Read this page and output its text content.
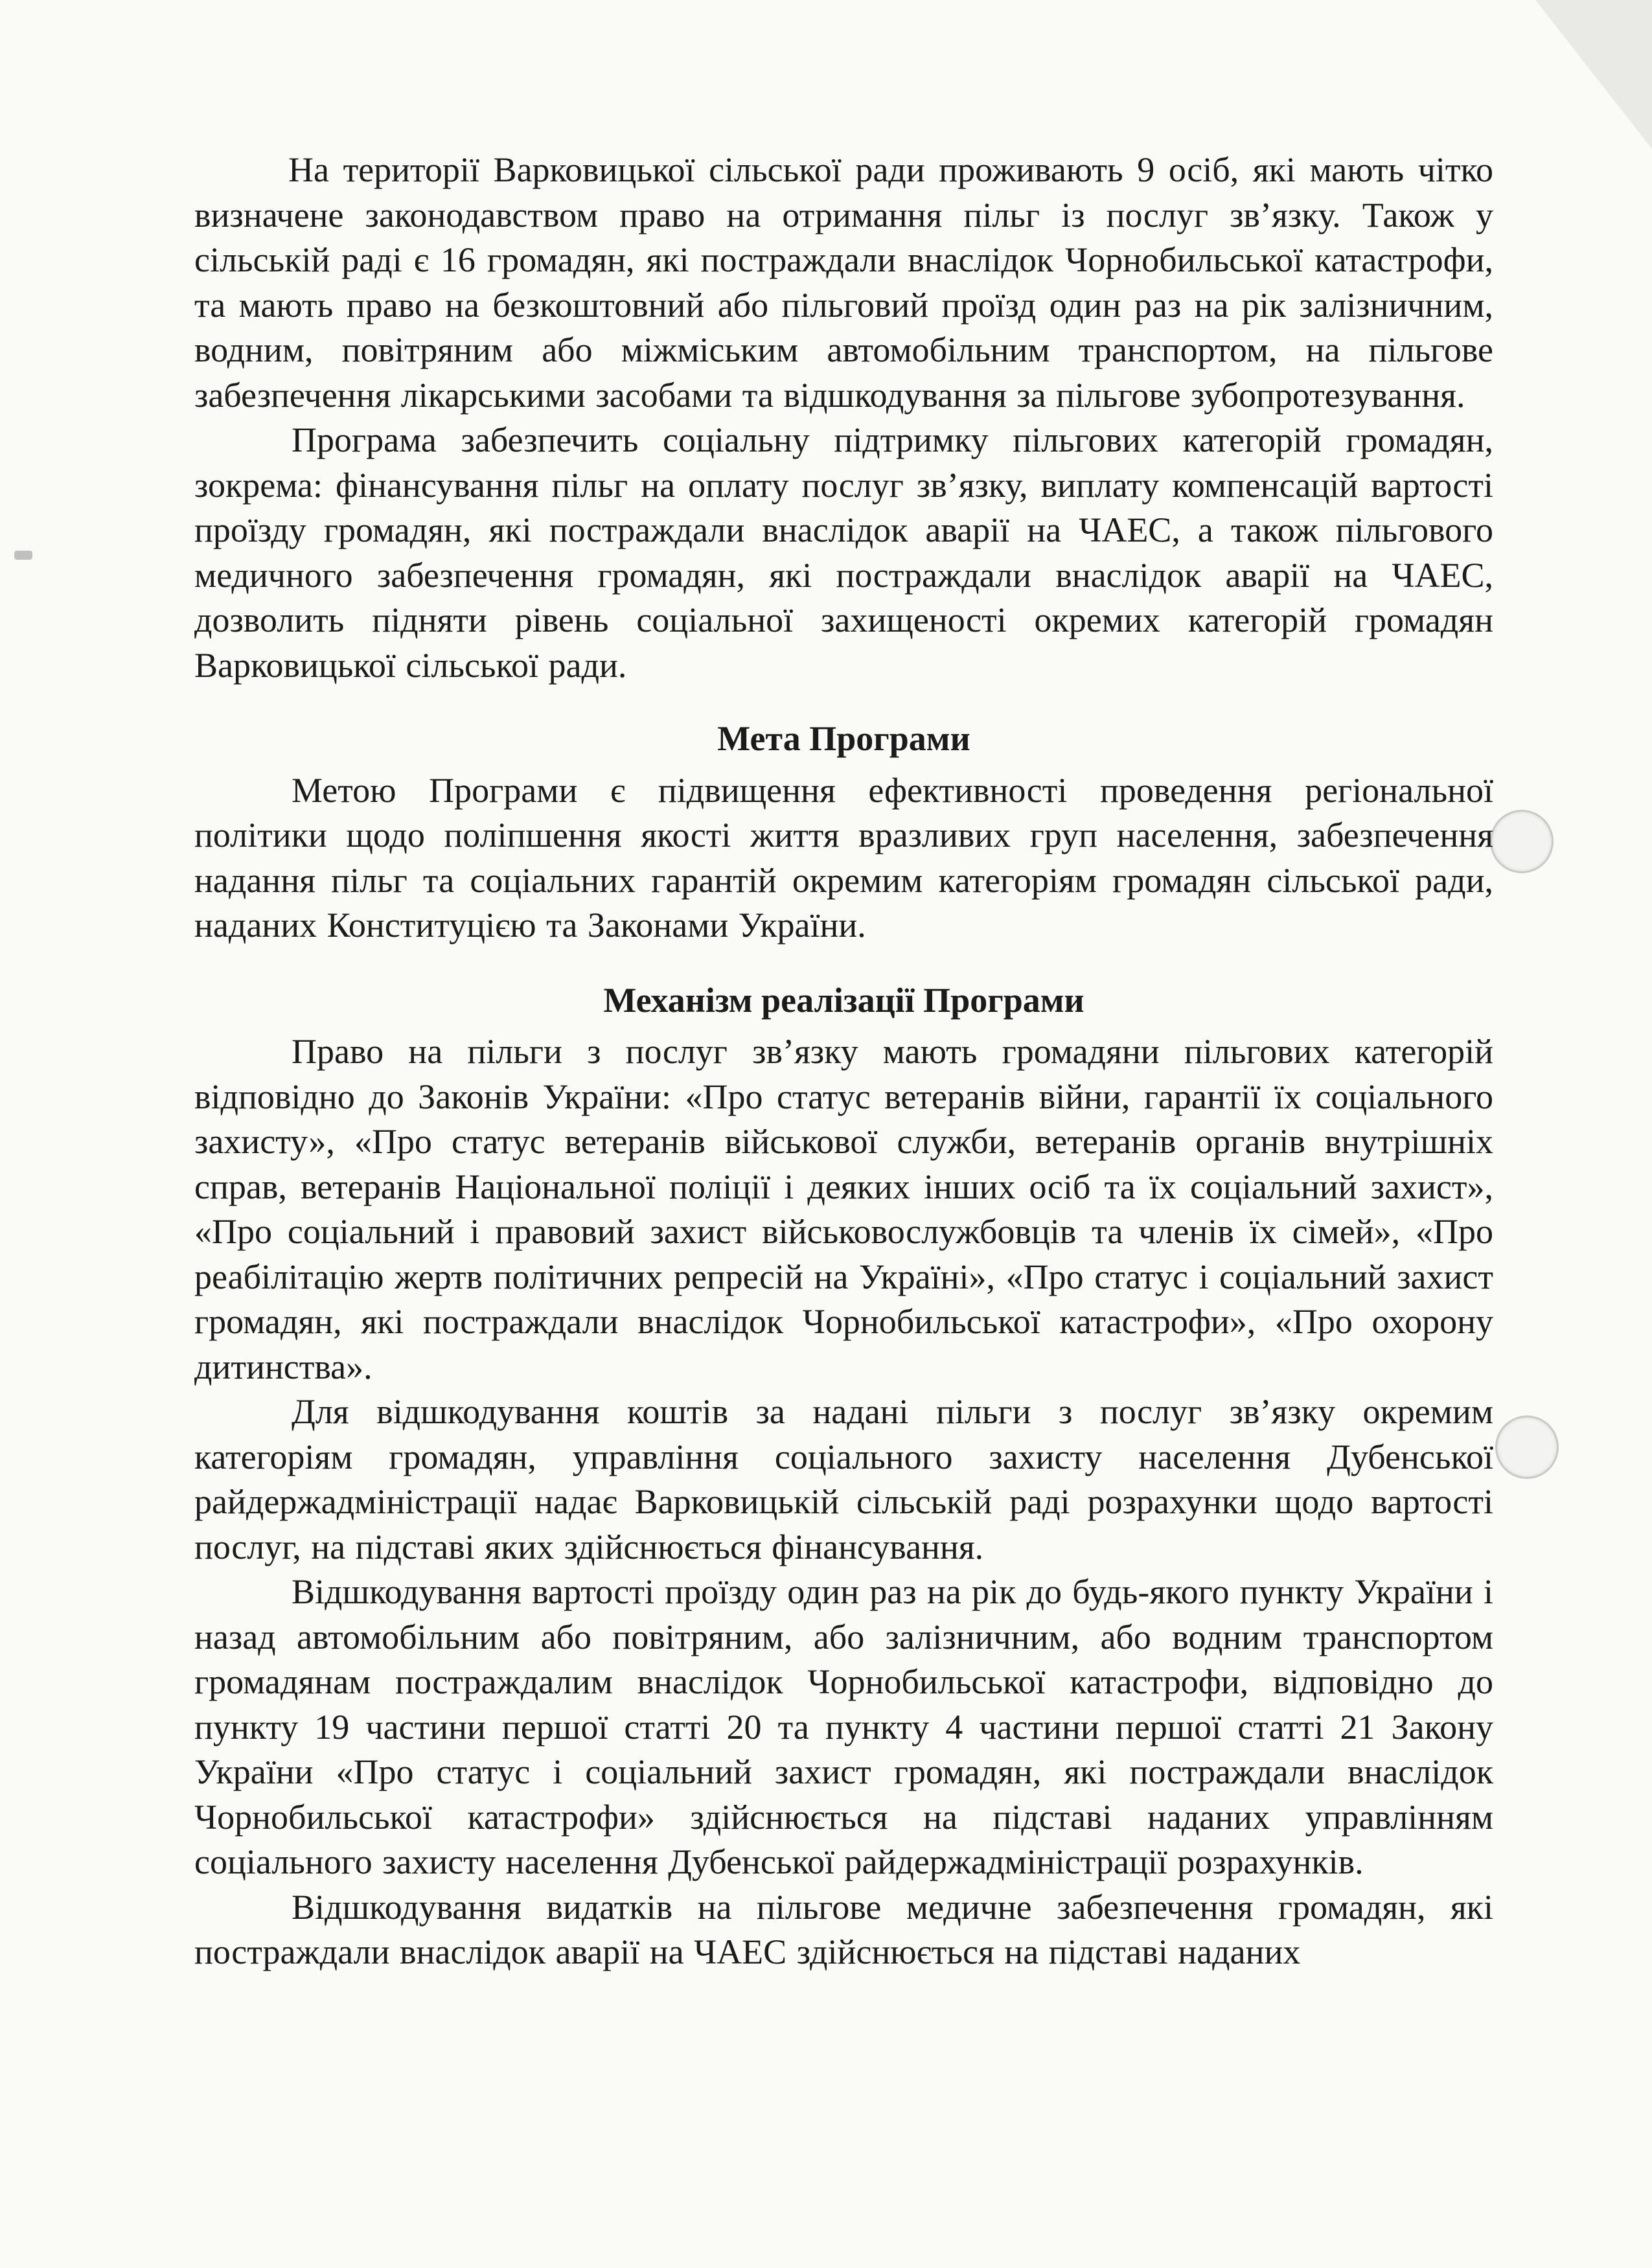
На території Варковицької сільської ради проживають 9 осіб, які мають чітко визначене законодавством право на отримання пільг із послуг зв’язку. Також у сільській раді є 16 громадян, які постраждали внаслідок Чорнобильської катастрофи, та мають право на безкоштовний або пільговий проїзд один раз на рік залізничним, водним, повітряним або міжміським автомобільним транспортом, на пільгове забезпечення лікарськими засобами та відшкодування за пільгове зубопротезування.

Програма забезпечить соціальну підтримку пільгових категорій громадян, зокрема: фінансування пільг на оплату послуг зв’язку, виплату компенсацій вартості проїзду громадян, які постраждали внаслідок аварії на ЧАЕС, а також пільгового медичного забезпечення громадян, які постраждали внаслідок аварії на ЧАЕС, дозволить підняти рівень соціальної захищеності окремих категорій громадян Варковицької сільської ради.

Мета Програми

Метою Програми є підвищення ефективності проведення регіональної політики щодо поліпшення якості життя вразливих груп населення, забезпечення надання пільг та соціальних гарантій окремим категоріям громадян сільської ради, наданих Конституцією та Законами України.

Механізм реалізації Програми

Право на пільги з послуг зв’язку мають громадяни пільгових категорій відповідно до Законів України: «Про статус ветеранів війни, гарантії їх соціального захисту», «Про статус ветеранів військової служби, ветеранів органів внутрішніх справ, ветеранів Національної поліції і деяких інших осіб та їх соціальний захист», «Про соціальний і правовий захист військовослужбовців та членів їх сімей», «Про реабілітацію жертв політичних репресій на Україні», «Про статус і соціальний захист громадян, які постраждали внаслідок Чорнобильської катастрофи», «Про охорону дитинства».

Для відшкодування коштів за надані пільги з послуг зв’язку окремим категоріям громадян, управління соціального захисту населення Дубенської райдержадміністрації надає Варковицькій сільській раді розрахунки щодо вартості послуг, на підставі яких здійснюється фінансування.

Відшкодування вартості проїзду один раз на рік до будь-якого пункту України і назад автомобільним або повітряним, або залізничним, або водним транспортом громадянам постраждалим внаслідок Чорнобильської катастрофи, відповідно до пункту 19 частини першої статті 20 та пункту 4 частини першої статті 21 Закону України «Про статус і соціальний захист громадян, які постраждали внаслідок Чорнобильської катастрофи» здійснюється на підставі наданих управлінням соціального захисту населення Дубенської райдержадміністрації розрахунків.

Відшкодування видатків на пільгове медичне забезпечення громадян, які постраждали внаслідок аварії на ЧАЕС здійснюється на підставі наданих
